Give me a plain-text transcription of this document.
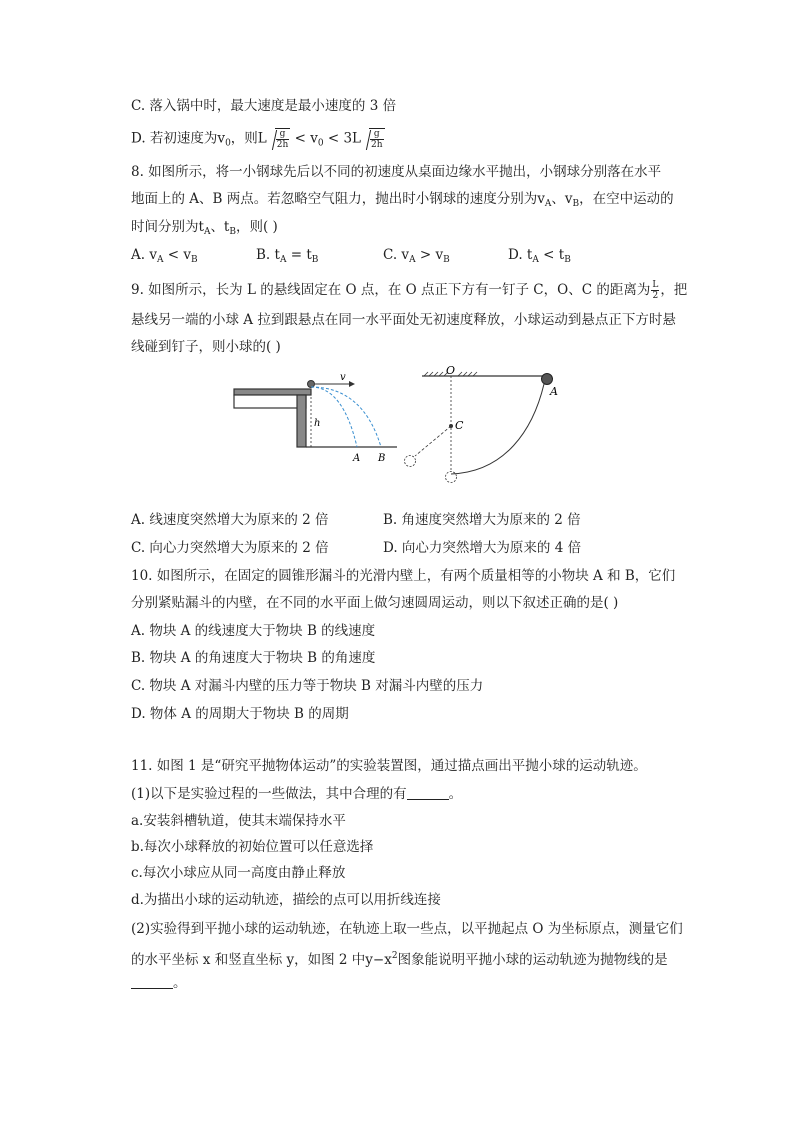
C. 落入锅中时，最大速度是最小速度的 3 倍
D. 若初速度为$v_0$，则L $\frac{g}{2h} < v_0 < 3L \frac{g}{2h}$
8. 如图所示，将一小钢球先后以不同的初速度从桌面边缘水平抛出，小钢球分别落在水平
地面上的 A、B 两点。若忽略空气阻力，抛出时小钢球的速度分别为$v_A$、$v_B$，在空中运动的
时间分别为$t_A$、$t_B$，则( )
A. $v_A < v_B$	B. $t_A = t_B$	C. $v_A > v_B$	D. $t_A < t_B$
9. 如图所示，长为 L 的悬线固定在 O 点，在 O 点正下方有一钉子 C，O、C 的距离为 $\frac{L}{2}$ ，把
悬线另一端的小球 A 拉到跟悬点在同一水平面处无初速度释放，小球运动到悬点正下方时悬
线碰到钉子，则小球的( )
v
h
A B
O
A
C
A. 线速度突然增大为原来的 2 倍	B. 角速度突然增大为原来的 2 倍
C. 向心力突然增大为原来的 2 倍	D. 向心力突然增大为原来的 4 倍
10. 如图所示，在固定的圆锥形漏斗的光滑内壁上，有两个质量相等的小物块 A 和 B，它们
分别紧贴漏斗的内壁，在不同的水平面上做匀速圆周运动，则以下叙述正确的是( )
A. 物块 A 的线速度大于物块 B 的线速度
B. 物块 A 的角速度大于物块 B 的角速度
C. 物块 A 对漏斗内壁的压力等于物块 B 对漏斗内壁的压力
D. 物体 A 的周期大于物块 B 的周期
11. 如图 1 是“研究平抛物体运动”的实验装置图，通过描点画出平抛小球的运动轨迹。
(1)以下是实验过程的一些做法，其中合理的有	。
a.安装斜槽轨道，使其末端保持水平
b.每次小球释放的初始位置可以任意选择
c.每次小球应从同一高度由静止释放
d.为描出小球的运动轨迹，描绘的点可以用折线连接
(2)实验得到平抛小球的运动轨迹，在轨迹上取一些点，以平抛起点 O 为坐标原点，测量它们
的水平坐标 x 和竖直坐标 y，如图 2 中$y-x^2$图象能说明平抛小球的运动轨迹为抛物线的是
。
